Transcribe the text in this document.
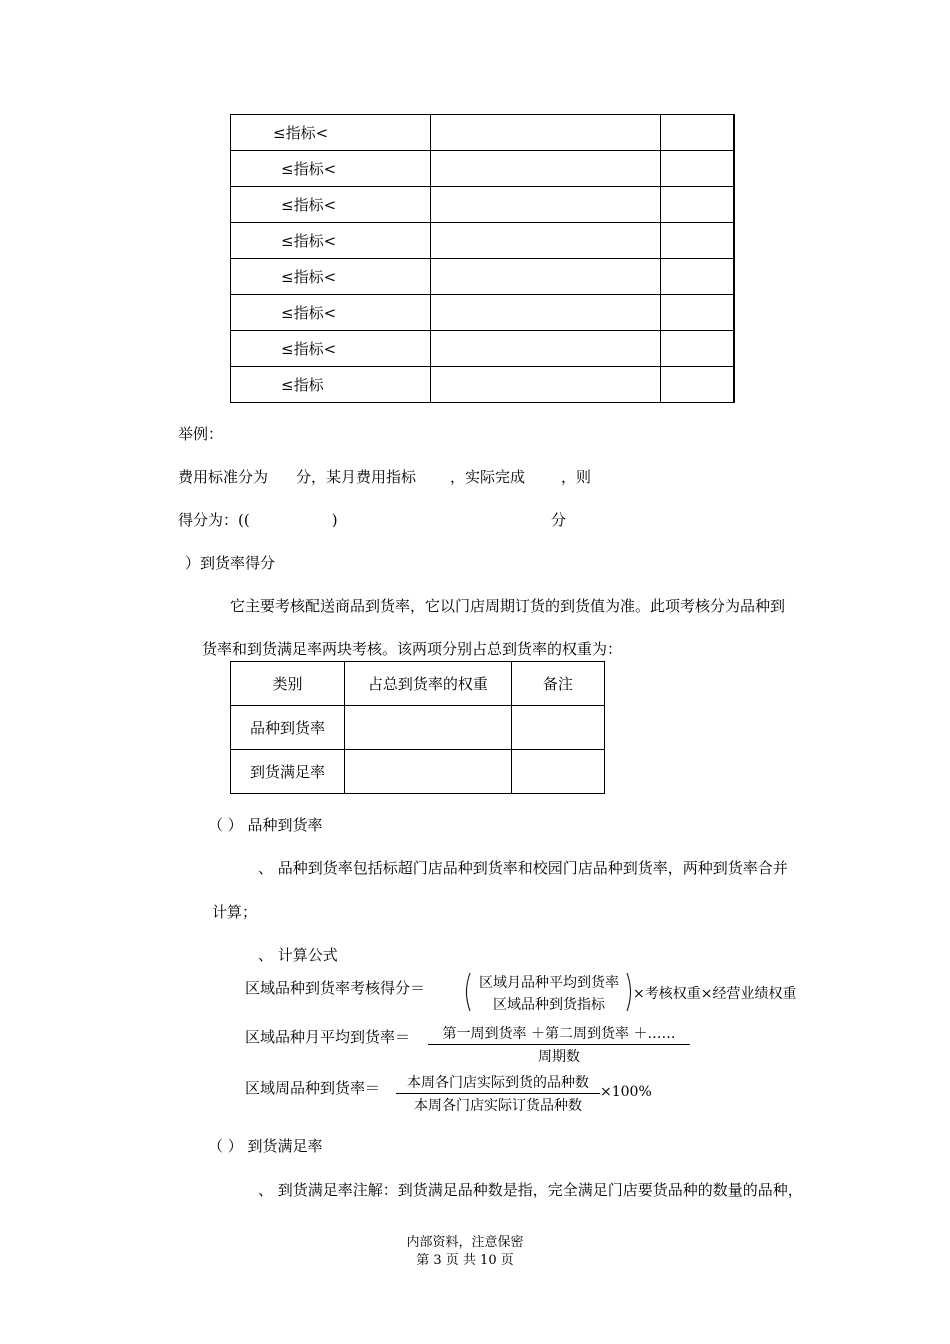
≤指标<		
≤指标<		
≤指标<		
≤指标<		
≤指标<		
≤指标<		
≤指标<		
≤指标		
举例：
费用标准分为 分，某月费用指标 ，实际完成 ，则
得分为：((	)	分
）到货率得分
它主要考核配送商品到货率，它以门店周期订货的到货值为准。此项考核分为品种到
货率和到货满足率两块考核。该两项分别占总到货率的权重为：
类别	占总到货率的权重	备注
品种到货率		
到货满足率		
（ ） 品种到货率
、 品种到货率包括标超门店品种到货率和校园门店品种到货率，两种到货率合并
计算；
、 计算公式
区域品种到货率考核得分＝	区域月品种平均到货率
区域品种到货指标
×考核权重×经营业绩权重
区域品种月平均到货率＝	第一周到货率 ＋第二周到货率 ＋……
周期数
区域周品种到货率＝	本周各门店实际到货的品种数
本周各门店实际订货品种数
×100%
（ ） 到货满足率
、 到货满足率注解：到货满足品种数是指，完全满足门店要货品种的数量的品种，
内部资料，注意保密
第 3 页 共 10 页
